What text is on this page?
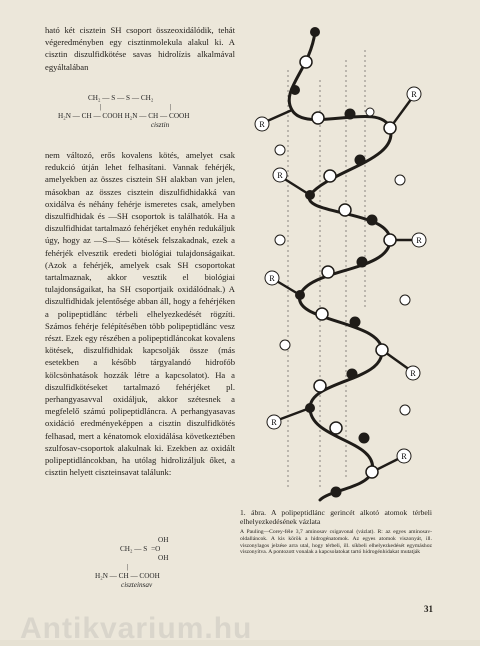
ható két cisztein SH csoport összeoxidálódik, tehát végeredményben egy cisztinmolekula alakul ki. A cisztin diszulfidkötése savas hidrolízis alkalmával egyáltalában

CH₂ — S — S — CH₂
|	|
H₂N — CH — COOH H₂N — CH — COOH
cisztin

nem változó, erős kovalens kötés, amelyet csak redukció útján lehet felhasítani. Vannak fehérjék, amelyekben az összes cisztein SH alakban van jelen, másokban az összes cisztein diszulfidhidakká van oxidálva és néhány fehérje ismeretes csak, amelyben diszulfidhidak és —SH csoportok is találhatók. Ha a diszulfidhidat tartalmazó fehérjéket enyhén redukáljuk úgy, hogy az —S—S— kötések felszakadnak, ezek a fehérjék elvesztik eredeti biológiai tulajdonságaikat. (Azok a fehérjék, amelyek csak SH csoportokat tartalmaznak, akkor vesztik el biológiai tulajdonságaikat, ha SH csoportjaik oxidálódnak.) A diszulfidhidak jelentősége abban áll, hogy a fehérjéken a polipeptidlánc térbeli elhelyezkedését rögzíti. Számos fehérje felépítésében több polipeptidlánc vesz részt. Ezek egy részében a polipeptidláncokat kovalens kötések, diszulfidhidak kapcsolják össze (más esetekben a később tárgyalandó hidrofób kölcsönhatások hozzák létre a kapcsolatot). Ha a diszulfidkötéseket tartalmazó fehérjéket pl. perhangyasavval oxidáljuk, akkor szétesnek a megfelelő számú polipeptidláncra. A perhangyasavas oxidáció eredményeképpen a cisztin diszulfidkötés felhasad, mert a kénatomok eloxidálása következtében szulfosav-csoportok alakulnak ki. Ezekben az oxidált polipeptidláncokban, ha utólag hidrolizáljuk őket, a cisztin helyett ciszteinsavat találunk:

OH
CH₂ — S =O
OH
|
H₂N — CH — COOH
ciszteinsav
R
R
R
R
R
R
R
R
1. ábra. A polipeptidlánc gerincét alkotó atomok térbeli elhelyezkedésének vázlata
A Pauling—Corey-féle 3,7 aminosav csigavonal (vázlat). R: az egyes aminosav-oldalláncok. A kis körök a hidrogénatomok. Az egyes atomok viszonyát, ill. viszonylagos jelzése arra utal, hogy térbeli, ill. síkbeli elhelyezkedését egymáshoz viszonyítva. A pontozott vonalak a kapcsolatokat tartó hidrogénhidakat mutatják
31
Antikvarium.hu
